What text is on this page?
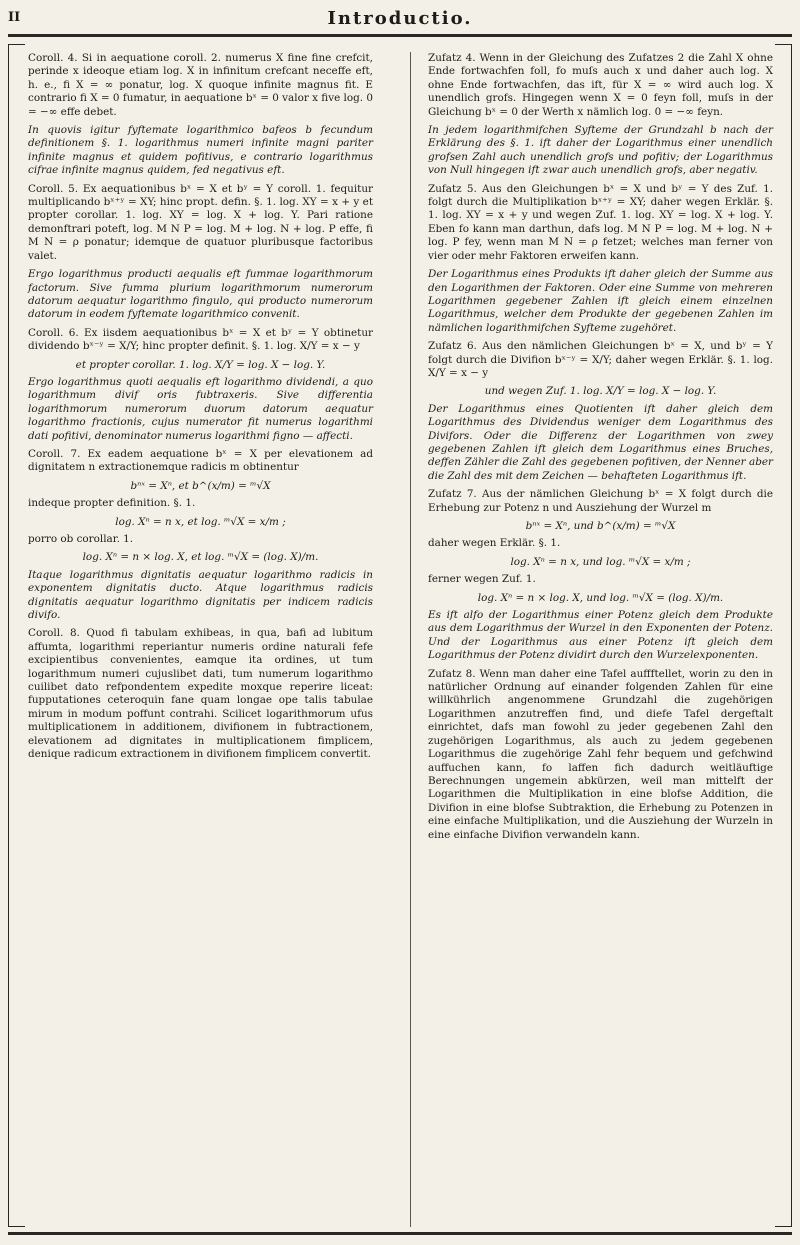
II	Introductio.

Coroll. 4. Si in aequatione coroll. 2. numerus X fine fine crefcit, perinde x ideoque etiam log. X in infinitum crefcant neceffe eft, h. e., fi X = ∞ ponatur, log. X quoque infinite magnus fit. E contrario fi X = 0 fumatur, in aequatione bˣ = 0 valor x five log. 0 = −∞ effe debet.

In quovis igitur fyftemate logarithmico bafeos b fecundum definitionem §. 1. logarithmus numeri infinite magni pariter infinite magnus et quidem pofitivus, e contrario logarithmus cifrae infinite magnus quidem, fed negativus eft.

Coroll. 5. Ex aequationibus bˣ = X et bʸ = Y coroll. 1. fequitur multiplicando bˣ⁺ʸ = XY; hinc propt. defin. §. 1. log. XY = x + y et propter corollar. 1. log. XY = log. X + log. Y. Pari ratione demonftrari poteft, log. M N P = log. M + log. N + log. P effe, fi M N = ρ ponatur; idemque de quatuor pluribusque factoribus valet.

Ergo logarithmus producti aequalis eft fummae logarithmorum factorum. Sive fumma plurium logarithmorum numerorum datorum aequatur logarithmo fingulo, qui producto numerorum datorum in eodem fyftemate logarithmico convenit.

Coroll. 6. Ex iisdem aequationibus bˣ = X et bʸ = Y obtinetur dividendo bˣ⁻ʸ = X/Y; hinc propter definit. §. 1. log. X/Y = x − y

et propter corollar. 1. log. X/Y = log. X − log. Y.

Ergo logarithmus quoti aequalis eft logarithmo dividendi, a quo logarithmum divif oris fubtraxeris. Sive differentia logarithmorum numerorum duorum datorum aequatur logarithmo fractionis, cujus numerator fit numerus logarithmi dati pofitivi, denominator numerus logarithmi figno — affecti.

Coroll. 7. Ex eadem aequatione bˣ = X per elevationem ad dignitatem n extractionemque radicis m obtinentur

bⁿˣ = Xⁿ, et b^(x/m) = ᵐ√X

indeque propter definition. §. 1.

log. Xⁿ = n x, et log. ᵐ√X = x/m ;

porro ob corollar. 1.

log. Xⁿ = n × log. X, et log. ᵐ√X = (log. X)/m.

Itaque logarithmus dignitatis aequatur logarithmo radicis in exponentem dignitatis ducto. Atque logarithmus radicis dignitatis aequatur logarithmo dignitatis per indicem radicis divifo.

Coroll. 8. Quod fi tabulam exhibeas, in qua, bafi ad lubitum affumta, logarithmi reperiantur numeris ordine naturali fefe excipientibus convenientes, eamque ita ordines, ut tum logarithmum numeri cujuslibet dati, tum numerum logarithmo cuilibet dato refpondentem expedite moxque reperire liceat: fupputationes ceteroquin fane quam longae ope talis tabulae mirum in modum poffunt contrahi. Scilicet logarithmorum ufus multiplicationem in additionem, divifionem in fubtractionem, elevationem ad dignitates in multiplicationem fimplicem, denique radicum extractionem in divifionem fimplicem convertit.

Zufatz 4. Wenn in der Gleichung des Zufatzes 2 die Zahl X ohne Ende fortwachfen foll, fo muſs auch x und daher auch log. X ohne Ende fortwachfen, das ift, für X = ∞ wird auch log. X unendlich grofs. Hingegen wenn X = 0 feyn foll, muſs in der Gleichung bˣ = 0 der Werth x nämlich log. 0 = −∞ feyn.

In jedem logarithmifchen Syfteme der Grundzahl b nach der Erklärung des §. 1. ift daher der Logarithmus einer unendlich grofsen Zahl auch unendlich grofs und pofitiv; der Logarithmus von Null hingegen ift zwar auch unendlich grofs, aber negativ.

Zufatz 5. Aus den Gleichungen bˣ = X und bʸ = Y des Zuf. 1. folgt durch die Multiplikation bˣ⁺ʸ = XY; daher wegen Erklär. §. 1. log. XY = x + y und wegen Zuf. 1. log. XY = log. X + log. Y. Eben fo kann man darthun, dafs log. M N P = log. M + log. N + log. P fey, wenn man M N = ρ fetzet; welches man ferner von vier oder mehr Faktoren erweifen kann.

Der Logarithmus eines Produkts ift daher gleich der Summe aus den Logarithmen der Faktoren. Oder eine Summe von mehreren Logarithmen gegebener Zahlen ift gleich einem einzelnen Logarithmus, welcher dem Produkte der gegebenen Zahlen im nämlichen logarithmifchen Syfteme zugehöret.

Zufatz 6. Aus den nämlichen Gleichungen bˣ = X, und bʸ = Y folgt durch die Divifion bˣ⁻ʸ = X/Y; daher wegen Erklär. §. 1. log. X/Y = x − y

und wegen Zuf. 1. log. X/Y = log. X − log. Y.

Der Logarithmus eines Quotienten ift daher gleich dem Logarithmus des Dividendus weniger dem Logarithmus des Divifors. Oder die Differenz der Logarithmen von zwey gegebenen Zahlen ift gleich dem Logarithmus eines Bruches, deffen Zähler die Zahl des gegebenen pofitiven, der Nenner aber die Zahl des mit dem Zeichen — behafteten Logarithmus ift.

Zufatz 7. Aus der nämlichen Gleichung bˣ = X folgt durch die Erhebung zur Potenz n und Ausziehung der Wurzel m

bⁿˣ = Xⁿ, und b^(x/m) = ᵐ√X

daher wegen Erklär. §. 1.

log. Xⁿ = n x, und log. ᵐ√X = x/m ;

ferner wegen Zuf. 1.

log. Xⁿ = n × log. X, und log. ᵐ√X = (log. X)/m.

Es ift alfo der Logarithmus einer Potenz gleich dem Produkte aus dem Logarithmus der Wurzel in den Exponenten der Potenz. Und der Logarithmus aus einer Potenz ift gleich dem Logarithmus der Potenz dividirt durch den Wurzelexponenten.

Zufatz 8. Wenn man daher eine Tafel auffftellet, worin zu den in natürlicher Ordnung auf einander folgenden Zahlen für eine willkührlich angenommene Grundzahl die zugehörigen Logarithmen anzutreffen find, und diefe Tafel dergeftalt einrichtet, dafs man fowohl zu jeder gegebenen Zahl den zugehörigen Logarithmus, als auch zu jedem gegebenen Logarithmus die zugehörige Zahl fehr bequem und gefchwind auffuchen kann, fo laffen fich dadurch weitläuftige Berechnungen ungemein abkürzen, weil man mittelft der Logarithmen die Multiplikation in eine blofse Addition, die Divifion in eine blofse Subtraktion, die Erhebung zu Potenzen in eine einfache Multiplikation, und die Ausziehung der Wurzeln in eine einfache Divifion verwandeln kann.
